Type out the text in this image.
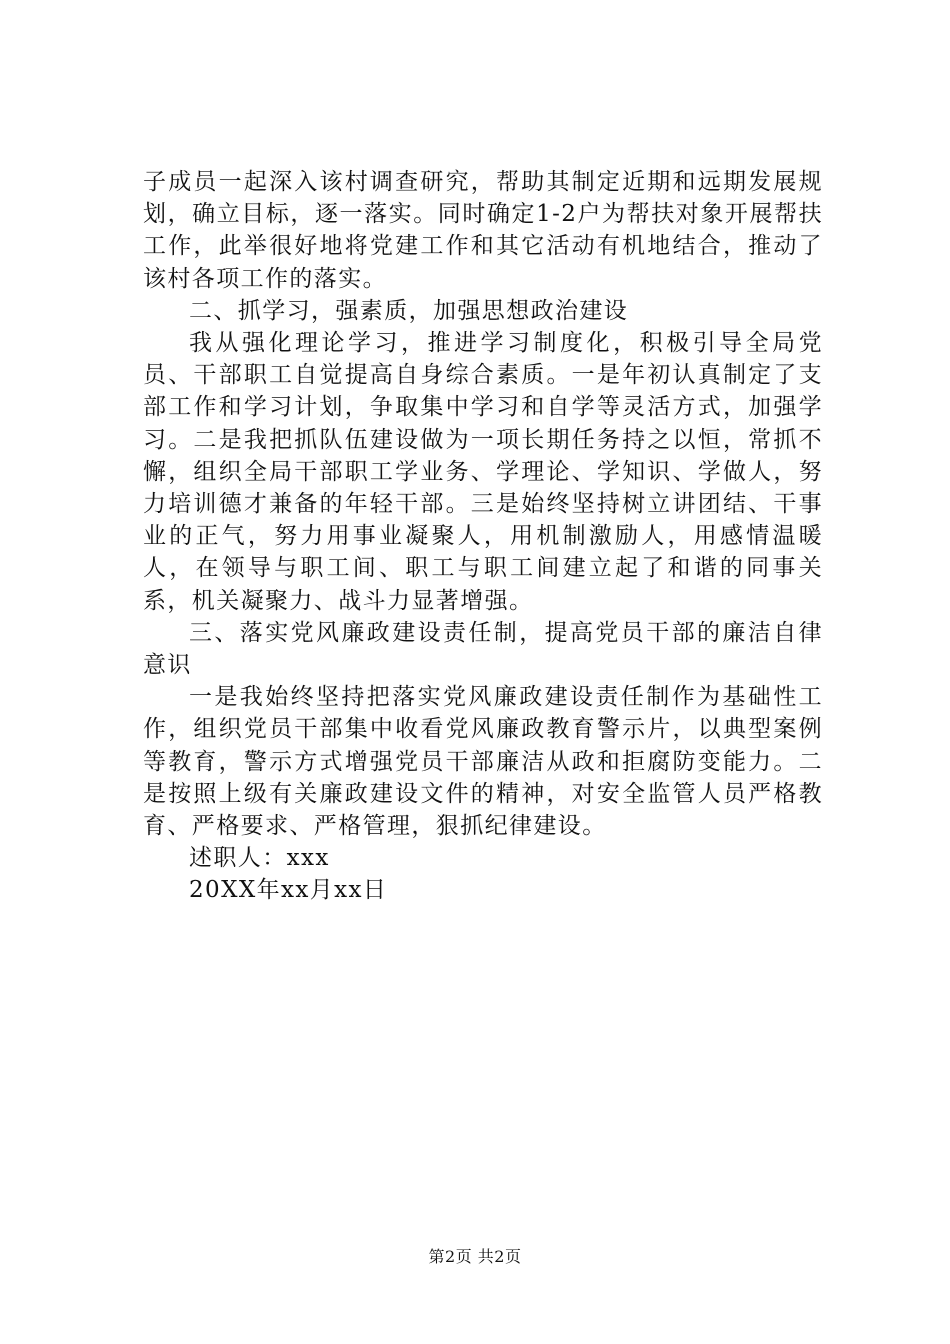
子成员一起深入该村调查研究，帮助其制定近期和远期发展规划，确立目标，逐一落实。同时确定1-2户为帮扶对象开展帮扶工作，此举很好地将党建工作和其它活动有机地结合，推动了该村各项工作的落实。

二、抓学习，强素质，加强思想政治建设

我从强化理论学习，推进学习制度化，积极引导全局党员、干部职工自觉提高自身综合素质。一是年初认真制定了支部工作和学习计划，争取集中学习和自学等灵活方式，加强学习。二是我把抓队伍建设做为一项长期任务持之以恒，常抓不懈，组织全局干部职工学业务、学理论、学知识、学做人，努力培训德才兼备的年轻干部。三是始终坚持树立讲团结、干事业的正气，努力用事业凝聚人，用机制激励人，用感情温暖人，在领导与职工间、职工与职工间建立起了和谐的同事关系，机关凝聚力、战斗力显著增强。

三、落实党风廉政建设责任制，提高党员干部的廉洁自律意识

一是我始终坚持把落实党风廉政建设责任制作为基础性工作，组织党员干部集中收看党风廉政教育警示片，以典型案例等教育，警示方式增强党员干部廉洁从政和拒腐防变能力。二是按照上级有关廉政建设文件的精神，对安全监管人员严格教育、严格要求、严格管理，狠抓纪律建设。

述职人：xxx

20XX年xx月xx日

第2页 共2页
